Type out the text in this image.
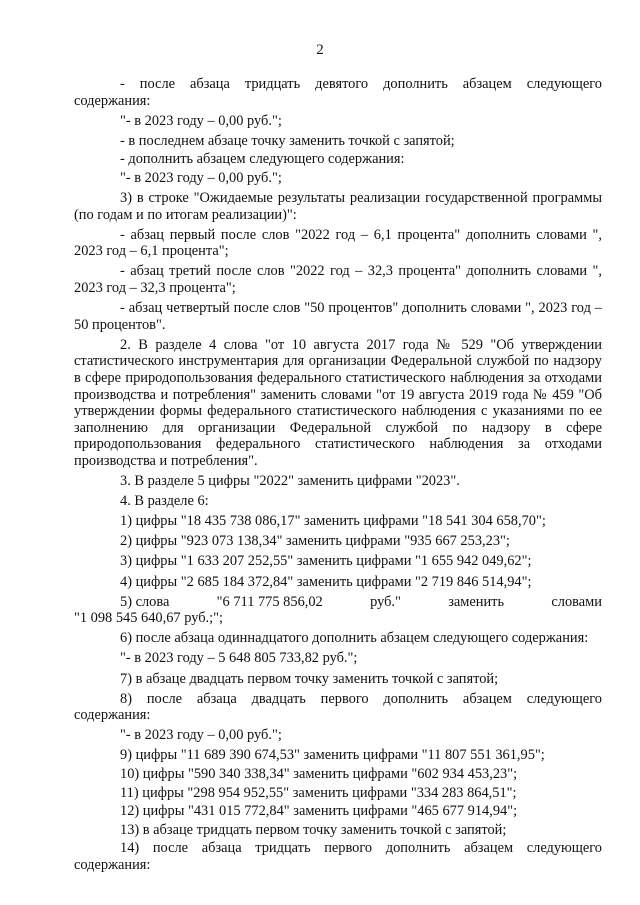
2

- после абзаца тридцать девятого дополнить абзацем следующего содержания:

"- в 2023 году – 0,00 руб.";

- в последнем абзаце точку заменить точкой с запятой;

- дополнить абзацем следующего содержания:

"- в 2023 году – 0,00 руб.";

3) в строке "Ожидаемые результаты реализации государственной программы (по годам и по итогам реализации)":

- абзац первый после слов "2022 год – 6,1 процента" дополнить словами ", 2023 год – 6,1 процента";

- абзац третий после слов "2022 год – 32,3 процента" дополнить словами ", 2023 год – 32,3 процента";

- абзац четвертый после слов "50 процентов" дополнить словами ", 2023 год – 50 процентов".

2. В разделе 4 слова "от 10 августа 2017 года № 529 "Об утверждении статистического инструментария для организации Федеральной службой по надзору в сфере природопользования федерального статистического наблюдения за отходами производства и потребления" заменить словами "от 19 августа 2019 года № 459 "Об утверждении формы федерального статистического наблюдения с указаниями по ее заполнению для организации Федеральной службой по надзору в сфере природопользования федерального статистического наблюдения за отходами производства и потребления".

3. В разделе 5 цифры "2022" заменить цифрами "2023".

4. В разделе 6:

1) цифры "18 435 738 086,17" заменить цифрами "18 541 304 658,70";

2) цифры "923 073 138,34" заменить цифрами "935 667 253,23";

3) цифры "1 633 207 252,55" заменить цифрами "1 655 942 049,62";

4) цифры "2 685 184 372,84" заменить цифрами "2 719 846 514,94";

5) слова	"6 711 775 856,02	руб."	заменить	словами

"1 098 545 640,67 руб.;";

6) после абзаца одиннадцатого дополнить абзацем следующего содержания:

"- в 2023 году – 5 648 805 733,82 руб.";

7) в абзаце двадцать первом точку заменить точкой с запятой;

8) после абзаца двадцать первого дополнить абзацем следующего содержания:

"- в 2023 году – 0,00 руб.";

9) цифры "11 689 390 674,53" заменить цифрами "11 807 551 361,95";

10) цифры "590 340 338,34" заменить цифрами "602 934 453,23";

11) цифры "298 954 952,55" заменить цифрами "334 283 864,51";

12) цифры "431 015 772,84" заменить цифрами "465 677 914,94";

13) в абзаце тридцать первом точку заменить точкой с запятой;

14) после абзаца тридцать первого дополнить абзацем следующего содержания:
